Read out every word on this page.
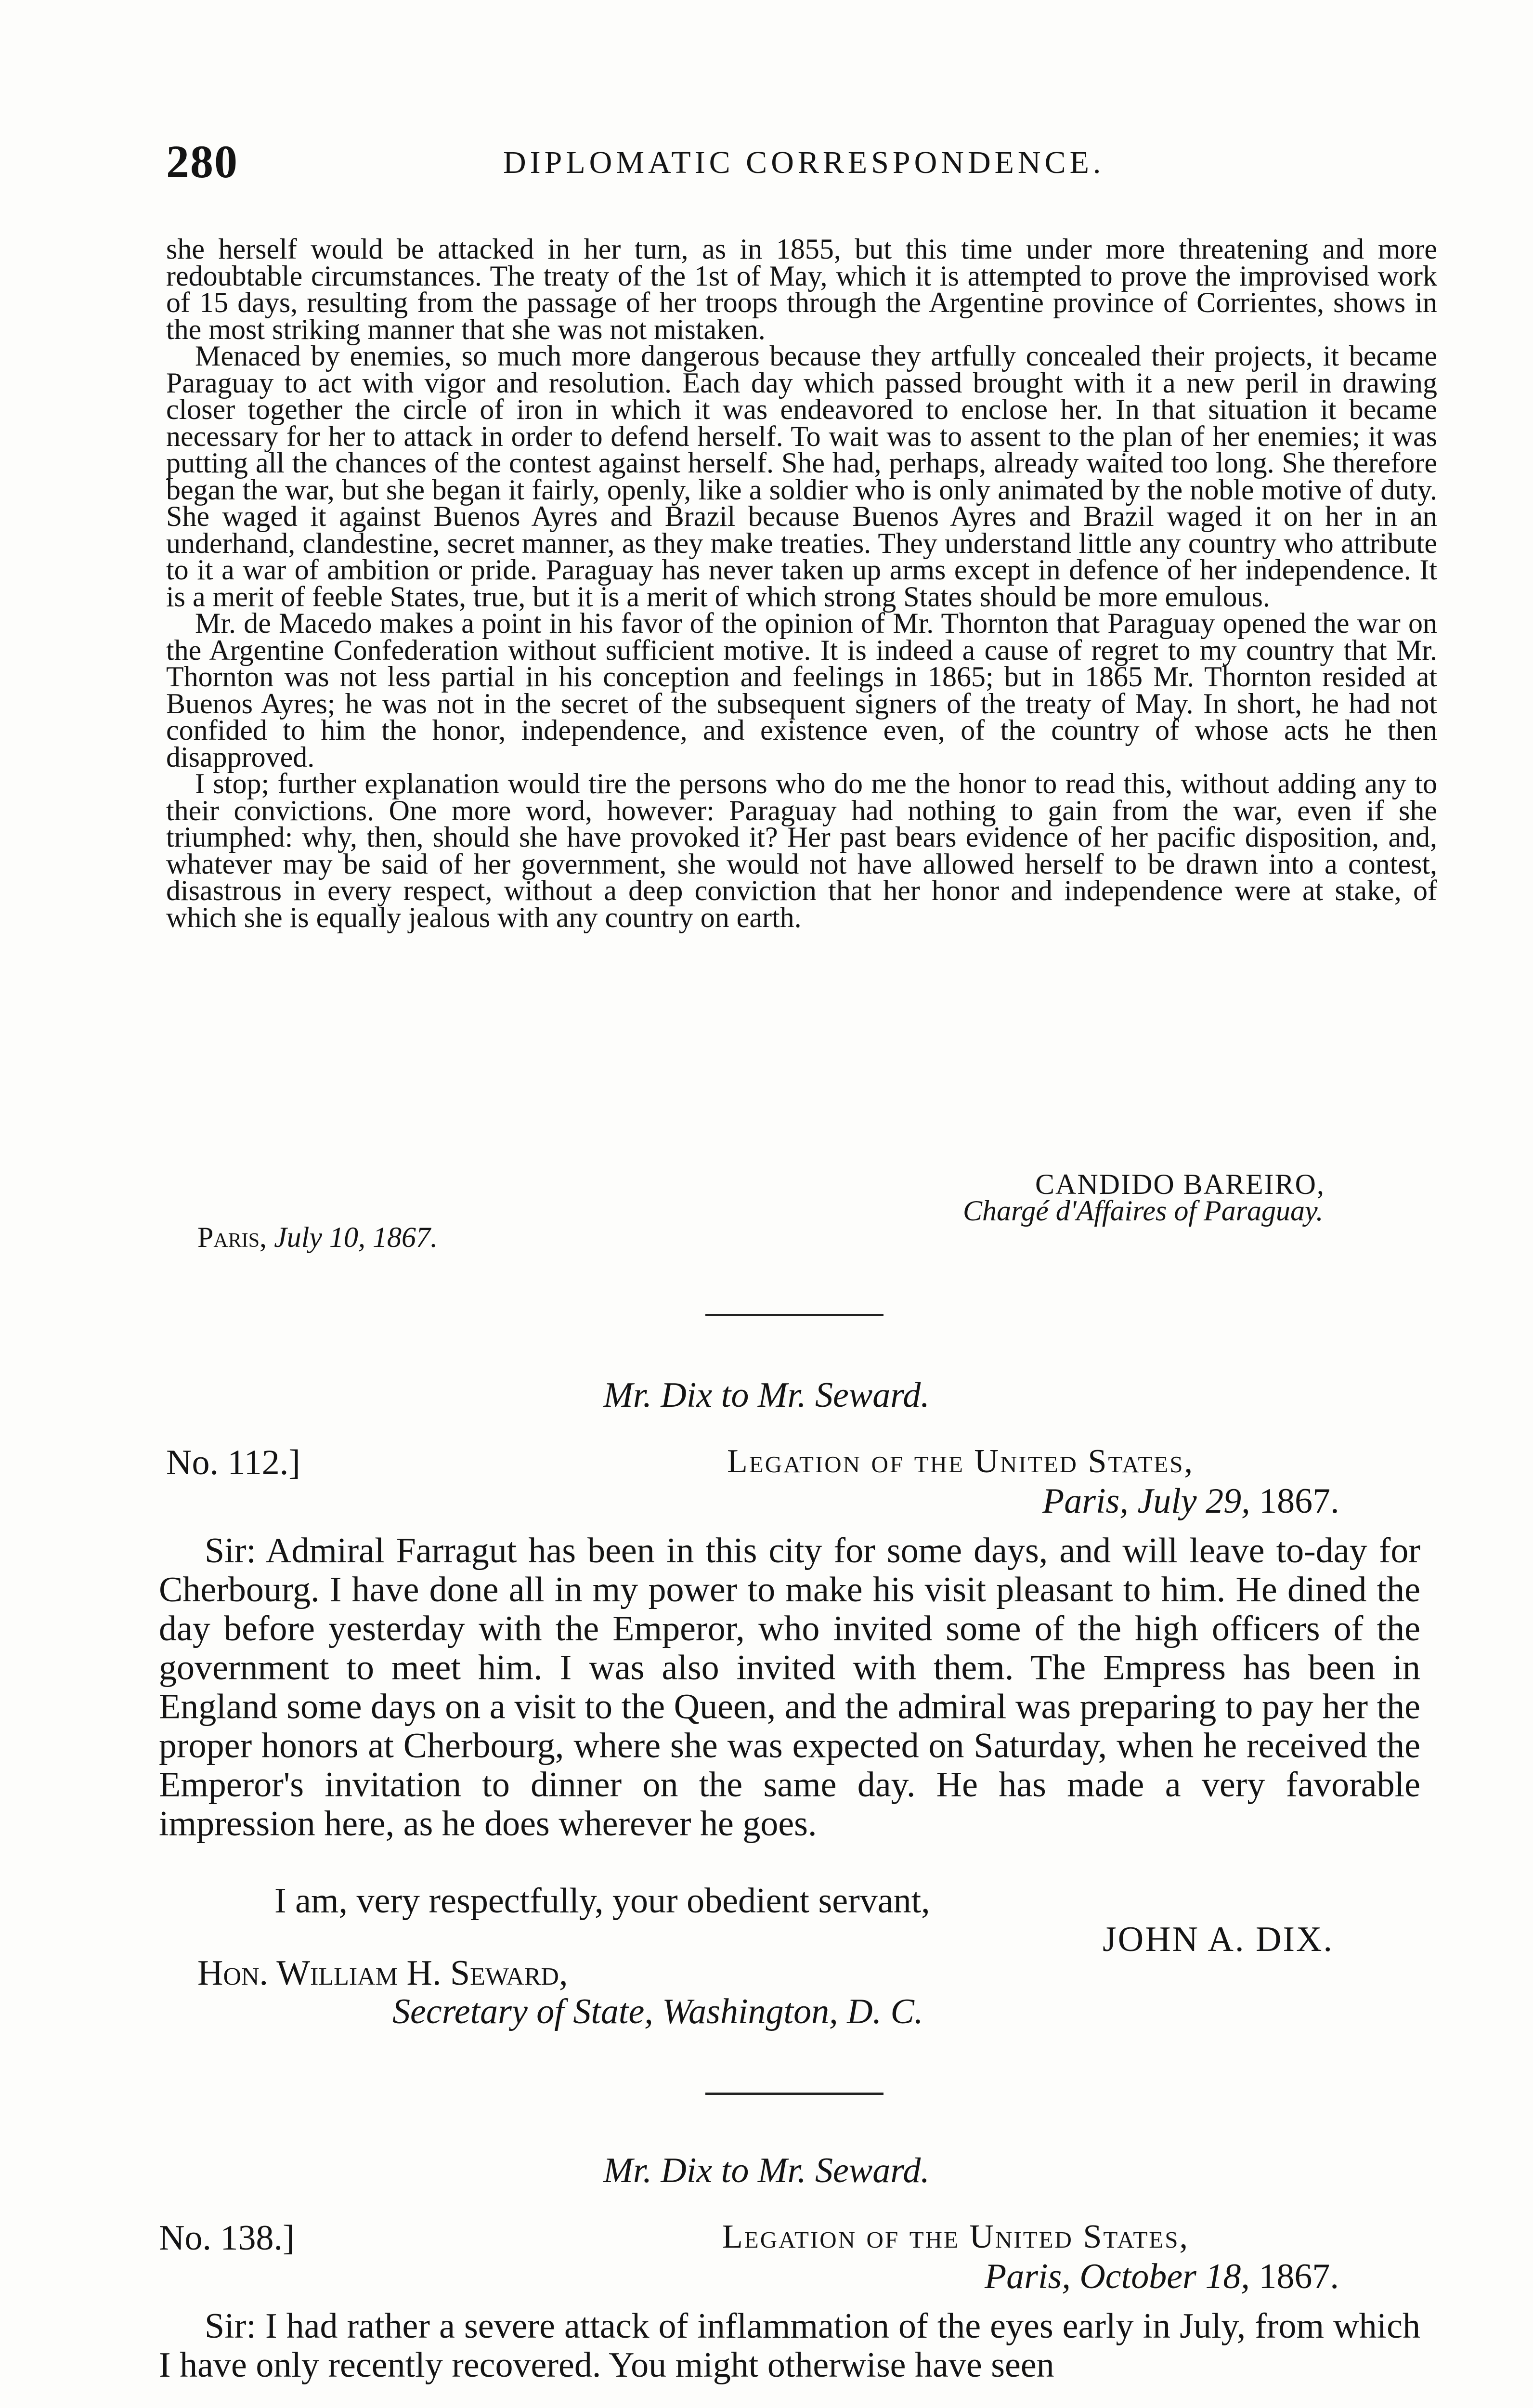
280	DIPLOMATIC CORRESPONDENCE.

she herself would be attacked in her turn, as in 1855, but this time under more threatening and more redoubtable circumstances. The treaty of the 1st of May, which it is attempted to prove the improvised work of 15 days, resulting from the passage of her troops through the Argentine province of Corrientes, shows in the most striking manner that she was not mistaken.

Menaced by enemies, so much more dangerous because they artfully concealed their projects, it became Paraguay to act with vigor and resolution. Each day which passed brought with it a new peril in drawing closer together the circle of iron in which it was endeavored to enclose her. In that situation it became necessary for her to attack in order to defend herself. To wait was to assent to the plan of her enemies; it was putting all the chances of the contest against herself. She had, perhaps, already waited too long. She therefore began the war, but she began it fairly, openly, like a soldier who is only animated by the noble motive of duty. She waged it against Buenos Ayres and Brazil because Buenos Ayres and Brazil waged it on her in an underhand, clandestine, secret manner, as they make treaties. They understand little any country who attribute to it a war of ambition or pride. Paraguay has never taken up arms except in defence of her independence. It is a merit of feeble States, true, but it is a merit of which strong States should be more emulous.

Mr. de Macedo makes a point in his favor of the opinion of Mr. Thornton that Paraguay opened the war on the Argentine Confederation without sufficient motive. It is indeed a cause of regret to my country that Mr. Thornton was not less partial in his conception and feelings in 1865; but in 1865 Mr. Thornton resided at Buenos Ayres; he was not in the secret of the subsequent signers of the treaty of May. In short, he had not confided to him the honor, independence, and existence even, of the country of whose acts he then disapproved.

I stop; further explanation would tire the persons who do me the honor to read this, without adding any to their convictions. One more word, however: Paraguay had nothing to gain from the war, even if she triumphed: why, then, should she have provoked it? Her past bears evidence of her pacific disposition, and, whatever may be said of her government, she would not have allowed herself to be drawn into a contest, disastrous in every respect, without a deep conviction that her honor and independence were at stake, of which she is equally jealous with any country on earth.

CANDIDO BAREIRO,
Chargé d'Affaires of Paraguay.
Paris, July 10, 1867.
Mr. Dix to Mr. Seward.
No. 112.]	Legation of the United States,
Paris, July 29, 1867.

Sir: Admiral Farragut has been in this city for some days, and will leave to-day for Cherbourg. I have done all in my power to make his visit pleasant to him. He dined the day before yesterday with the Emperor, who invited some of the high officers of the government to meet him. I was also invited with them. The Empress has been in England some days on a visit to the Queen, and the admiral was preparing to pay her the proper honors at Cherbourg, where she was expected on Saturday, when he received the Emperor's invitation to dinner on the same day. He has made a very favorable impression here, as he does wherever he goes.

I am, very respectfully, your obedient servant,
JOHN A. DIX.
Hon. William H. Seward,
Secretary of State, Washington, D. C.
Mr. Dix to Mr. Seward.
No. 138.]	Legation of the United States,
Paris, October 18, 1867.

Sir: I had rather a severe attack of inflammation of the eyes early in July, from which I have only recently recovered. You might otherwise have seen
